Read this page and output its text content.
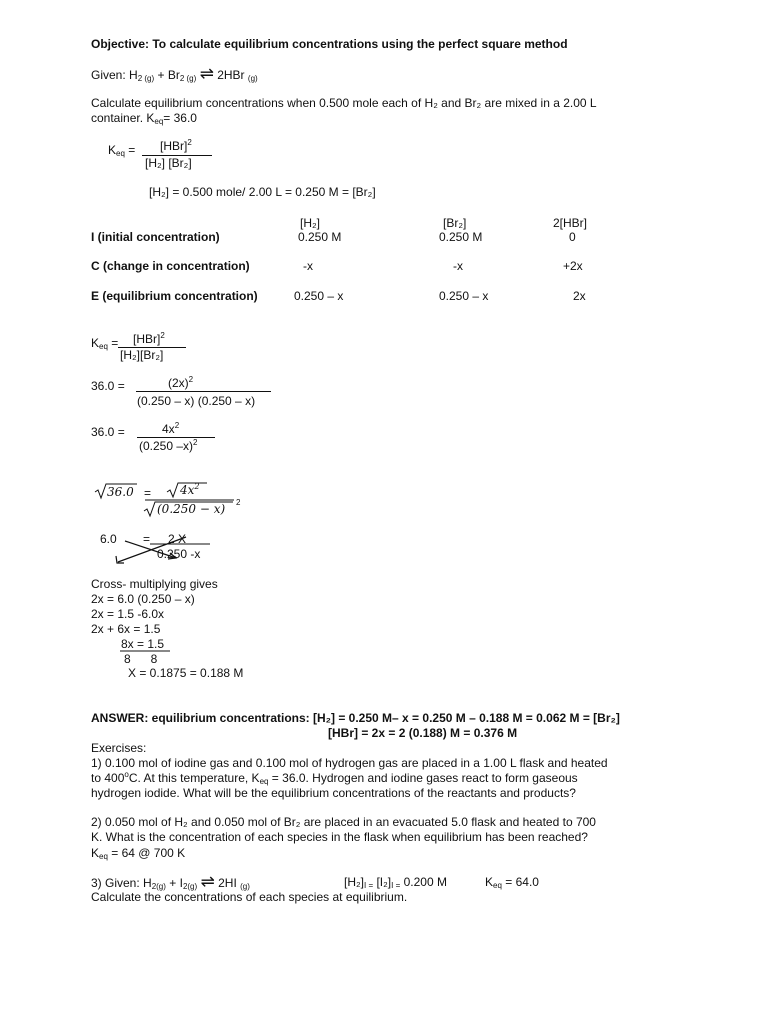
Objective: To calculate equilibrium concentrations using the perfect square method
Given: $H_{2 (g)} + Br_{2 (g)}$ ⇌ 2HBr $_{(g)}$
Calculate equilibrium concentrations when 0.500 mole each of H₂ and Br₂ are mixed in a 2.00 L
container. $K_{eq}= 36.0$
$K_{eq} = [HBr]^2$
[H₂] [Br₂]
[H₂] = 0.500 mole/ 2.00 L = 0.250 M = [Br₂]
[H₂]	[Br₂]	2[HBr]
I (initial concentration)	0.250 M	0.250 M	0
C (change in concentration)	-x	-x	+2x
E (equilibrium concentration)	0.250 – x	0.250 – x	2x
$K_{eq} = [HBr]^2$
[H₂][Br₂]
36.0 =	$(2x)^2$
(0.250 – x) (0.250 – x)
36.0 =	$4x^2$
(0.250 –x)$^2$
$36.0 = 4x^2$
(0.250 − x) $^2$
6.0 = 2 X
0.250 -x
Cross- multiplying gives
2x = 6.0 (0.250 – x)
2x = 1.5 -6.0x
2x + 6x = 1.5
8x = 1.5
8      8
X = 0.1875 = 0.188 M
ANSWER: equilibrium concentrations: [H₂] = 0.250 M– x = 0.250 M – 0.188 M = 0.062 M = [Br₂]
[HBr] = 2x = 2 (0.188) M = 0.376 M
Exercises:
1) 0.100 mol of iodine gas and 0.100 mol of hydrogen gas are placed in a 1.00 L flask and heated
to 400$^o$C. At this temperature, $K_{eq} = 36.0$. Hydrogen and iodine gases react to form gaseous
hydrogen iodide. What will be the equilibrium concentrations of the reactants and products?
2) 0.050 mol of H₂ and 0.050 mol of Br₂ are placed in an evacuated 5.0 flask and heated to 700
K. What is the concentration of each species in the flask when equilibrium has been reached?
$K_{eq} = 64$ @ 700 K
3) Given: $H_{2(g)} + I_{2(g)}$ ⇌ 2HI $_{(g)}$	$[H_2]_{I =}$ $[I_2]_{I =}$ 0.200 M	$K_{eq} = 64.0$
Calculate the concentrations of each species at equilibrium.
